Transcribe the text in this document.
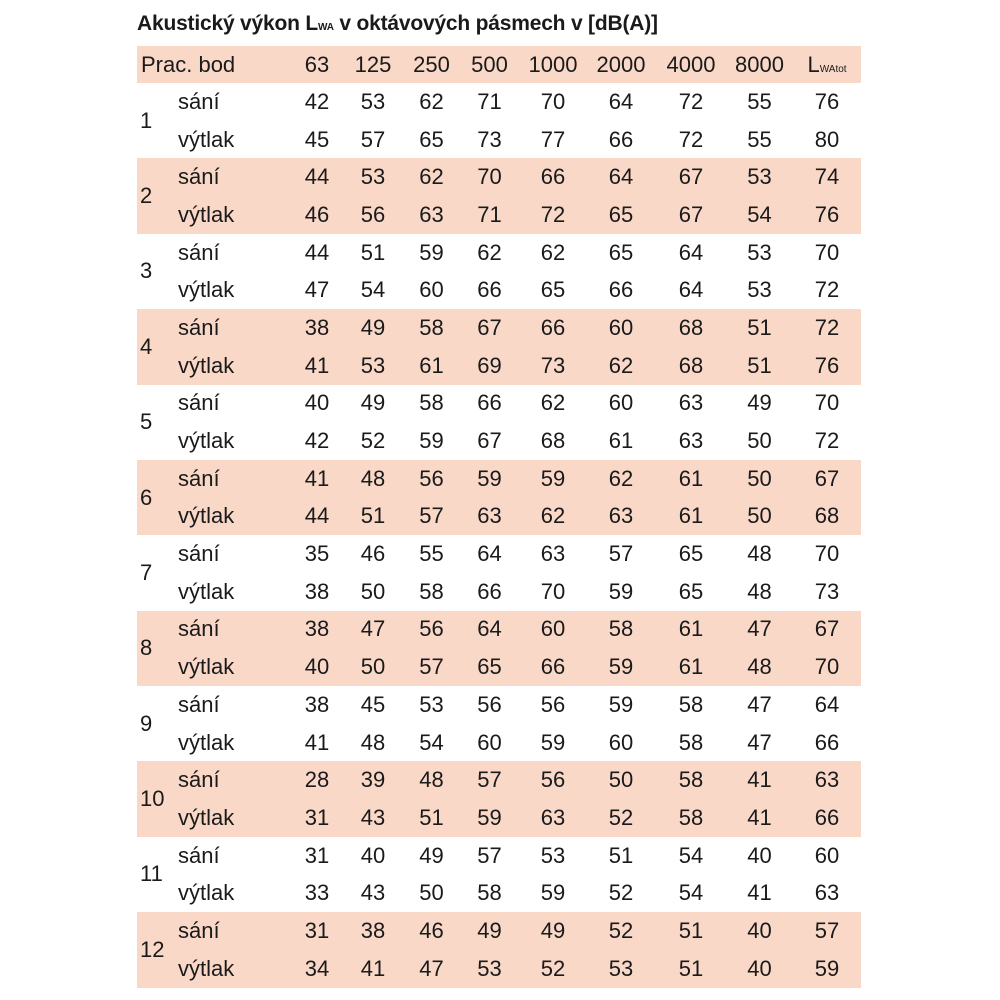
Akustický výkon LWA v oktávových pásmech v [dB(A)]
Prac. bod		63	125	250	500	1000	2000	4000	8000	LWAtot
1	sání	42	53	62	71	70	64	72	55	76
	výtlak	45	57	65	73	77	66	72	55	80
2	sání	44	53	62	70	66	64	67	53	74
	výtlak	46	56	63	71	72	65	67	54	76
3	sání	44	51	59	62	62	65	64	53	70
	výtlak	47	54	60	66	65	66	64	53	72
4	sání	38	49	58	67	66	60	68	51	72
	výtlak	41	53	61	69	73	62	68	51	76
5	sání	40	49	58	66	62	60	63	49	70
	výtlak	42	52	59	67	68	61	63	50	72
6	sání	41	48	56	59	59	62	61	50	67
	výtlak	44	51	57	63	62	63	61	50	68
7	sání	35	46	55	64	63	57	65	48	70
	výtlak	38	50	58	66	70	59	65	48	73
8	sání	38	47	56	64	60	58	61	47	67
	výtlak	40	50	57	65	66	59	61	48	70
9	sání	38	45	53	56	56	59	58	47	64
	výtlak	41	48	54	60	59	60	58	47	66
10	sání	28	39	48	57	56	50	58	41	63
	výtlak	31	43	51	59	63	52	58	41	66
11	sání	31	40	49	57	53	51	54	40	60
	výtlak	33	43	50	58	59	52	54	41	63
12	sání	31	38	46	49	49	52	51	40	57
	výtlak	34	41	47	53	52	53	51	40	59
